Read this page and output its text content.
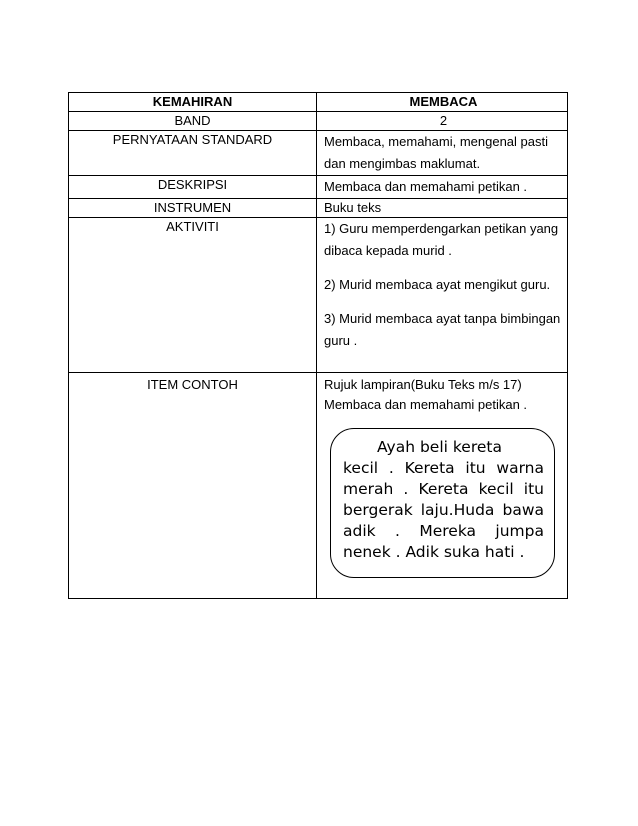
KEMAHIRAN	MEMBACA
BAND	2
PERNYATAAN STANDARD	Membaca, memahami, mengenal pasti dan mengimbas maklumat.
DESKRIPSI	Membaca dan memahami petikan .
INSTRUMEN	Buku teks
AKTIVITI	1) Guru memperdengarkan petikan yang dibaca kepada murid .

2) Murid membaca ayat mengikut guru.

3) Murid membaca ayat tanpa bimbingan guru .

ITEM CONTOH	Rujuk lampiran(Buku Teks m/s 17)

Membaca dan memahami petikan .

Ayah beli kereta
kecil . Kereta itu warna merah . Kereta kecil itu bergerak laju.Huda bawa adik . Mereka jumpa nenek . Adik suka hati .
